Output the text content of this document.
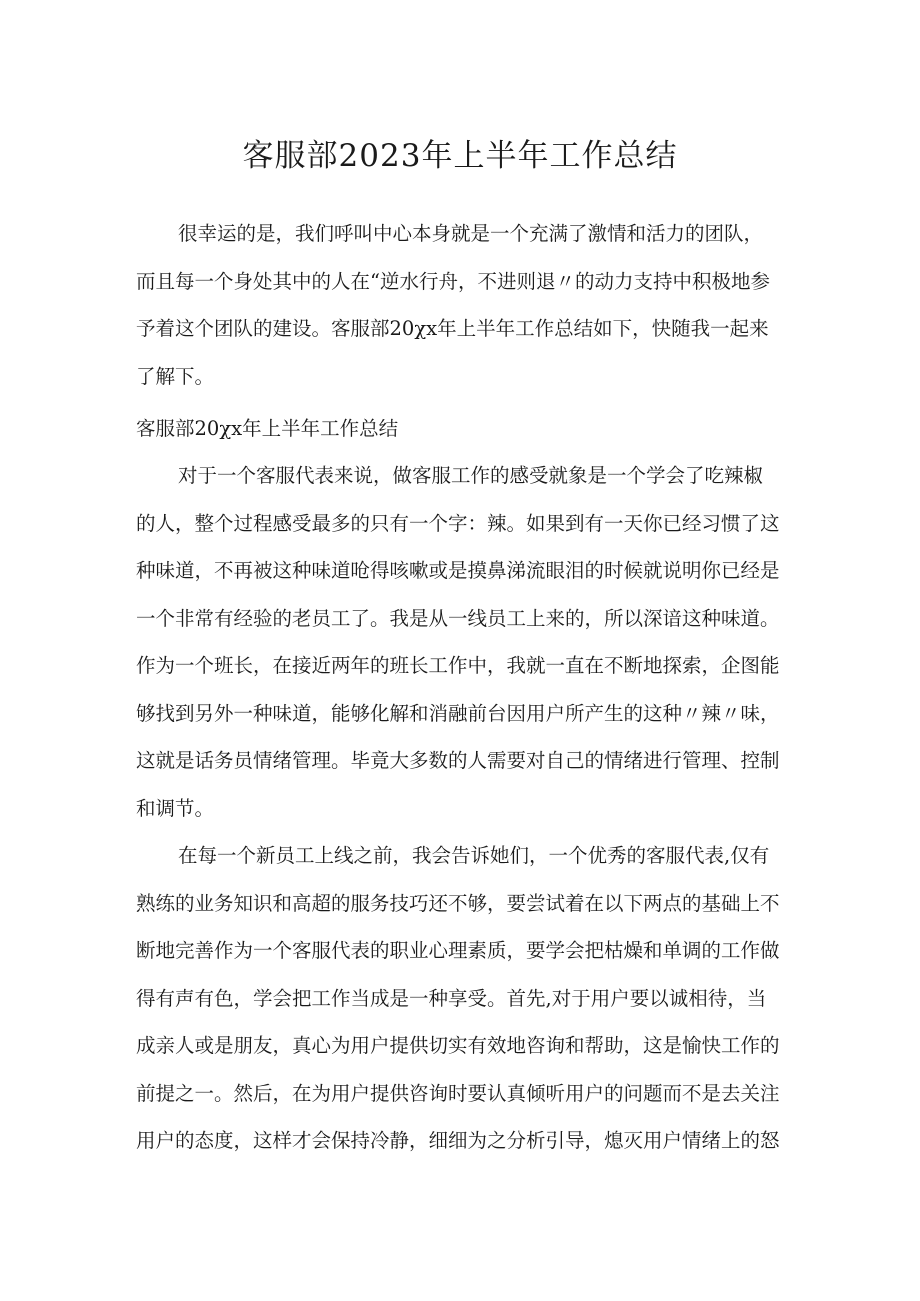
客服部2023年上半年工作总结
很幸运的是，我们呼叫中心本身就是一个充满了激情和活力的团队，
而且每一个身处其中的人在“逆水行舟，不进则退〃的动力支持中积极地参
予着这个团队的建设。客服部20χx年上半年工作总结如下，快随我一起来
了解下。
客服部20χx年上半年工作总结
对于一个客服代表来说，做客服工作的感受就象是一个学会了吃辣椒
的人，整个过程感受最多的只有一个字：辣。如果到有一天你已经习惯了这
种味道，不再被这种味道呛得咳嗽或是摸鼻涕流眼泪的时候就说明你已经是
一个非常有经验的老员工了。我是从一线员工上来的，所以深谙这种味道。
作为一个班长，在接近两年的班长工作中，我就一直在不断地探索，企图能
够找到另外一种味道，能够化解和消融前台因用户所产生的这种〃辣〃味，
这就是话务员情绪管理。毕竟大多数的人需要对自己的情绪进行管理、控制
和调节。
在每一个新员工上线之前，我会告诉她们，一个优秀的客服代表,仅有
熟练的业务知识和高超的服务技巧还不够，要尝试着在以下两点的基础上不
断地完善作为一个客服代表的职业心理素质，要学会把枯燥和单调的工作做
得有声有色，学会把工作当成是一种享受。首先,对于用户要以诚相待，当
成亲人或是朋友，真心为用户提供切实有效地咨询和帮助，这是愉快工作的
前提之一。然后，在为用户提供咨询时要认真倾听用户的问题而不是去关注
用户的态度，这样才会保持冷静，细细为之分析引导，熄灭用户情绪上的怒
